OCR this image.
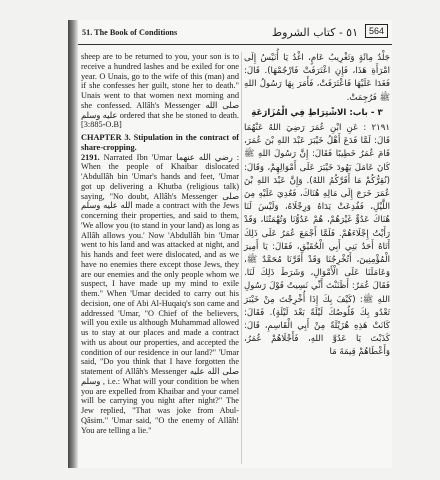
51. The Book of Conditions	٥١ - كتاب الشروط	564

sheep are to be returned to you, your son is to receive a hundred lashes and be exiled for one year. O Unais, go to the wife of this (man) and if she confesses her guilt, stone her to death." Unais went to that women next morning and she confessed. Allâh's Messenger صلى الله عليه وسلم ordered that she be stoned to death. [3:885-O.B]

CHAPTER 3. Stipulation in the contract of share-cropping.

2191. Narrated Ibn 'Umar رضي الله عنهما : When the people of Khaibar dislocated 'Abdullâh bin 'Umar's hands and feet, 'Umar got up delivering a Khutba (religious talk) saying, "No doubt, Allâh's Messenger صلى الله عليه وسلم made a contract with the Jews concerning their properties, and said to them, 'We allow you (to stand in your land) as long as Allâh allows you.' Now 'Abdullâh bin 'Umar went to his land and was attacked at night, and his hands and feet were dislocated, and as we have no enemies there except those Jews, they are our enemies and the only people whom we suspect, I have made up my mind to exile them." When 'Umar decided to carry out his decision, one of Abi Al-Huqaiq's son came and addressed 'Umar, "O Chief of the believers, will you exile us although Muhammad allowed us to stay at our places and made a contract with us about our properties, and accepted the condition of our residence in our land?" 'Umar said, "Do you think that I have forgotten the statement of Allâh's Messenger صلى الله عليه وسلم , i.e.: What will your condition be when you are expelled from Khaibar and your camel will be carrying you night after night?" The Jew replied, "That was joke from Abul-Qâsim." 'Umar said, "O the enemy of Allâh! You are telling a lie."

جَلْدُ مِائَةٍ وَتَغْرِيبُ عَامٍ، اغْدُ يَا أُنَيْسُ إِلَى امْرَأَةِ هَذَا، فَإِنِ اعْتَرَفَتْ فَارْجُمْهَا). قَالَ: فَغَدَا عَلَيْهَا فَاعْتَرَفَتْ، فَأَمَرَ بِهَا رَسُولُ اللهِ ﷺ فَرُجِمَتْ.

٣ - باب: الاشْتِرَاطِ فِي الْمُزَارَعَةِ

٢١٩١ : عَنِ ابْنِ عُمَرَ رَضِيَ اللهُ عَنْهُمَا قَالَ: لَمَّا فَدَعَ أَهْلُ خَيْبَرَ عَبْدَ اللهِ بْنَ عُمَرَ، قَامَ عُمَرُ خَطِيبًا فَقَالَ: إِنَّ رَسُولَ اللهِ ﷺ كَانَ عَامَلَ يَهُودَ خَيْبَرَ عَلَى أَمْوَالِهِمْ، وَقَالَ: (نُقِرُّكُمْ مَا أَقَرَّكُمُ اللهُ). وَإِنَّ عَبْدَ اللهِ بْنَ عُمَرَ خَرَجَ إِلَى مَالِهِ هُنَاكَ، فَعُدِيَ عَلَيْهِ مِنَ اللَّيْلِ، فَفُدِعَتْ يَدَاهُ وَرِجْلَاهُ، وَلَيْسَ لَنَا هُنَاكَ عَدُوٌّ غَيْرَهُمْ، هُمْ عَدُوُّنَا وَتُهْمَتُنَا، وَقَدْ رَأَيْتُ إِجْلَاءَهُمْ. فَلَمَّا أَجْمَعَ عُمَرُ عَلَى ذَلِكَ أَتَاهُ أَحَدُ بَنِي أَبِي الْحُقَيْقِ، فَقَالَ: يَا أَمِيرَ الْمُؤْمِنِينَ، أَتُخْرِجُنَا وَقَدْ أَقَرَّنَا مُحَمَّدٌ ﷺ، وَعَامَلَنَا عَلَى الْأَمْوَالِ، وَشَرَطَ ذَلِكَ لَنَا. فَقَالَ عُمَرُ: أَظَنَنْتَ أَنِّي نَسِيتُ قَوْلَ رَسُولِ اللهِ ﷺ: (كَيْفَ بِكَ إِذَا أُخْرِجْتَ مِنْ خَيْبَرَ تَعْدُو بِكَ قَلُوصُكَ لَيْلَةً بَعْدَ لَيْلَةٍ). فَقَالَ: كَانَتْ هَذِهِ هُزَيْلَةً مِنْ أَبِي الْقَاسِمِ، قَالَ: كَذَبْتَ يَا عَدُوَّ اللهِ، فَأَجْلَاهُمْ عُمَرُ، وَأَعْطَاهُمْ قِيمَةَ مَا
